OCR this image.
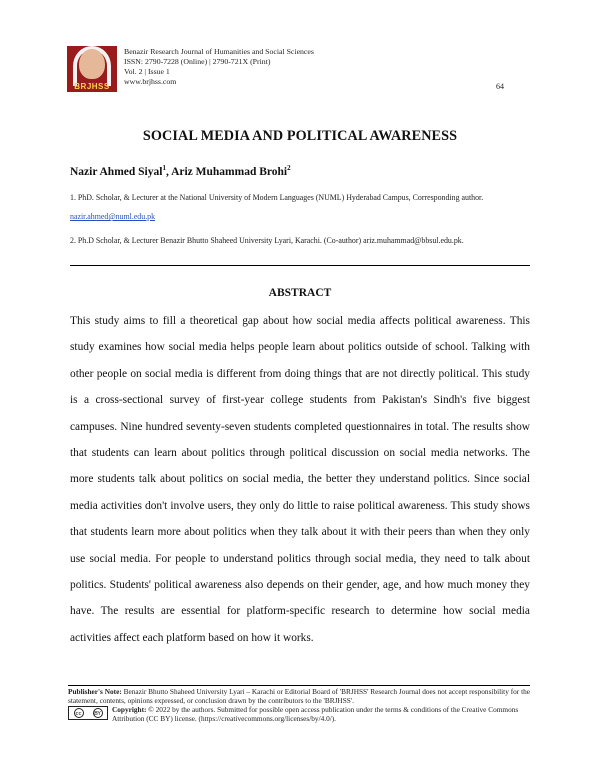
BRJHSS
Benazir Research Journal of Humanities and Social Sciences
ISSN: 2790-7228 (Online) | 2790-721X (Print)
Vol. 2 | Issue 1
www.brjhss.com
64
SOCIAL MEDIA AND POLITICAL AWARENESS
Nazir Ahmed Siyal$^1$, Ariz Muhammad Brohi$^2$
1. PhD. Scholar, & Lecturer at the National University of Modern Languages (NUML) Hyderabad Campus, Corresponding author.
nazir.ahmed@numl.edu.pk
2. Ph.D Scholar, & Lecturer Benazir Bhutto Shaheed University Lyari, Karachi. (Co-author) ariz.muhammad@bbsul.edu.pk.
ABSTRACT
This study aims to fill a theoretical gap about how social media affects political awareness. This study examines how social media helps people learn about politics outside of school. Talking with other people on social media is different from doing things that are not directly political. This study is a cross-sectional survey of first-year college students from Pakistan's Sindh's five biggest campuses. Nine hundred seventy-seven students completed questionnaires in total. The results show that students can learn about politics through political discussion on social media networks. The more students talk about politics on social media, the better they understand politics. Since social media activities don't involve users, they only do little to raise political awareness. This study shows that students learn more about politics when they talk about it with their peers than when they only use social media. For people to understand politics through social media, they need to talk about politics. Students' political awareness also depends on their gender, age, and how much money they have. The results are essential for platform-specific research to determine how social media activities affect each platform based on how it works.
Publisher's Note: Benazir Bhutto Shaheed University Lyari – Karachi or Editorial Board of 'BRJHSS' Research Journal does not accept responsibility for the statement, contents, opinions expressed, or conclusion drawn by the contributors to the 'BRJHSS'.
cc	BY Copyright: © 2022 by the authors. Submitted for possible open access publication under the terms & conditions of the Creative Commons Attribution (CC BY) license. (https://creativecommons.org/licenses/by/4.0/).
